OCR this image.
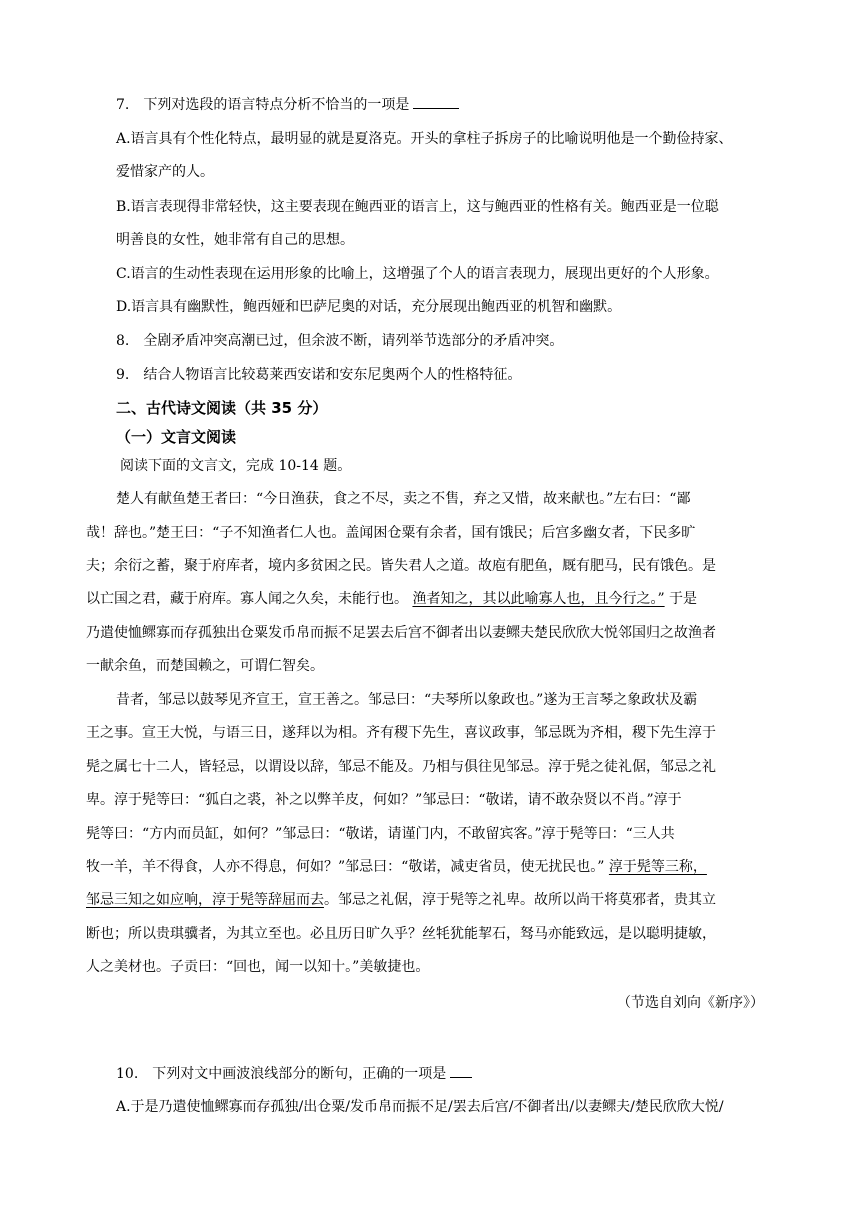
7.　下列对选段的语言特点分析不恰当的一项是
A.语言具有个性化特点，最明显的就是夏洛克。开头的拿柱子拆房子的比喻说明他是一个勤俭持家、
爱惜家产的人。
B.语言表现得非常轻快，这主要表现在鲍西亚的语言上，这与鲍西亚的性格有关。鲍西亚是一位聪
明善良的女性，她非常有自己的思想。
C.语言的生动性表现在运用形象的比喻上，这增强了个人的语言表现力，展现出更好的个人形象。
D.语言具有幽默性，鲍西娅和巴萨尼奥的对话，充分展现出鲍西亚的机智和幽默。
8.　全剧矛盾冲突高潮已过，但余波不断，请列举节选部分的矛盾冲突。
9.　结合人物语言比较葛莱西安诺和安东尼奥两个人的性格特征。
二、古代诗文阅读（共 35 分）
（一）文言文阅读
阅读下面的文言文，完成 10-14 题。
楚人有献鱼楚王者曰：“今日渔获，食之不尽，卖之不售，弃之又惜，故来献也。”左右曰：“鄙
哉！辞也。”楚王曰：“子不知渔者仁人也。盖闻困仓粟有余者，国有饿民；后宫多幽女者，下民多旷
夫；余衍之蓄，聚于府库者，境内多贫困之民。皆失君人之道。故庖有肥鱼，厩有肥马，民有饿色。是
以亡国之君，藏于府库。寡人闻之久矣，未能行也。 渔者知之，其以此喻寡人也，且今行之。” 于是
乃遣使恤鳏寡而存孤独出仓粟发币帛而振不足罢去后宫不御者出以妻鳏夫楚民欣欣大悦邻国归之故渔者
一献余鱼，而楚国赖之，可谓仁智矣。
昔者，邹忌以鼓琴见齐宣王，宣王善之。邹忌曰：“夫琴所以象政也。”遂为王言琴之象政状及霸
王之事。宣王大悦，与语三日，遂拜以为相。齐有稷下先生，喜议政事，邹忌既为齐相，稷下先生淳于
髡之属七十二人，皆轻忌，以谓设以辞，邹忌不能及。乃相与俱往见邹忌。淳于髡之徒礼倨，邹忌之礼
卑。淳于髡等曰：“狐白之裘，补之以弊羊皮，何如？”邹忌曰：“敬诺，请不敢杂贤以不肖。”淳于
髡等曰：“方内而员缸，如何？”邹忌曰：“敬诺，请谨门内，不敢留宾客。”淳于髡等曰：“三人共
牧一羊，羊不得食，人亦不得息，何如？”邹忌曰：“敬诺，减吏省员，使无扰民也。” 淳于髡等三称，
邹忌三知之如应响，淳于髡等辞屈而去。邹忌之礼倨，淳于髡等之礼卑。故所以尚干将莫邪者，贵其立
断也；所以贵琪骥者，为其立至也。必且历日旷久乎？丝牦犹能挈石，驽马亦能致远，是以聪明捷敏，
人之美材也。子贡曰：“回也，闻一以知十。”美敏捷也。
（节选自刘向《新序》）
10.　下列对文中画波浪线部分的断句，正确的一项是
A.于是乃遣使恤鳏寡而存孤独/出仓粟/发币帛而振不足/罢去后宫/不御者出/以妻鳏夫/楚民欣欣大悦/
